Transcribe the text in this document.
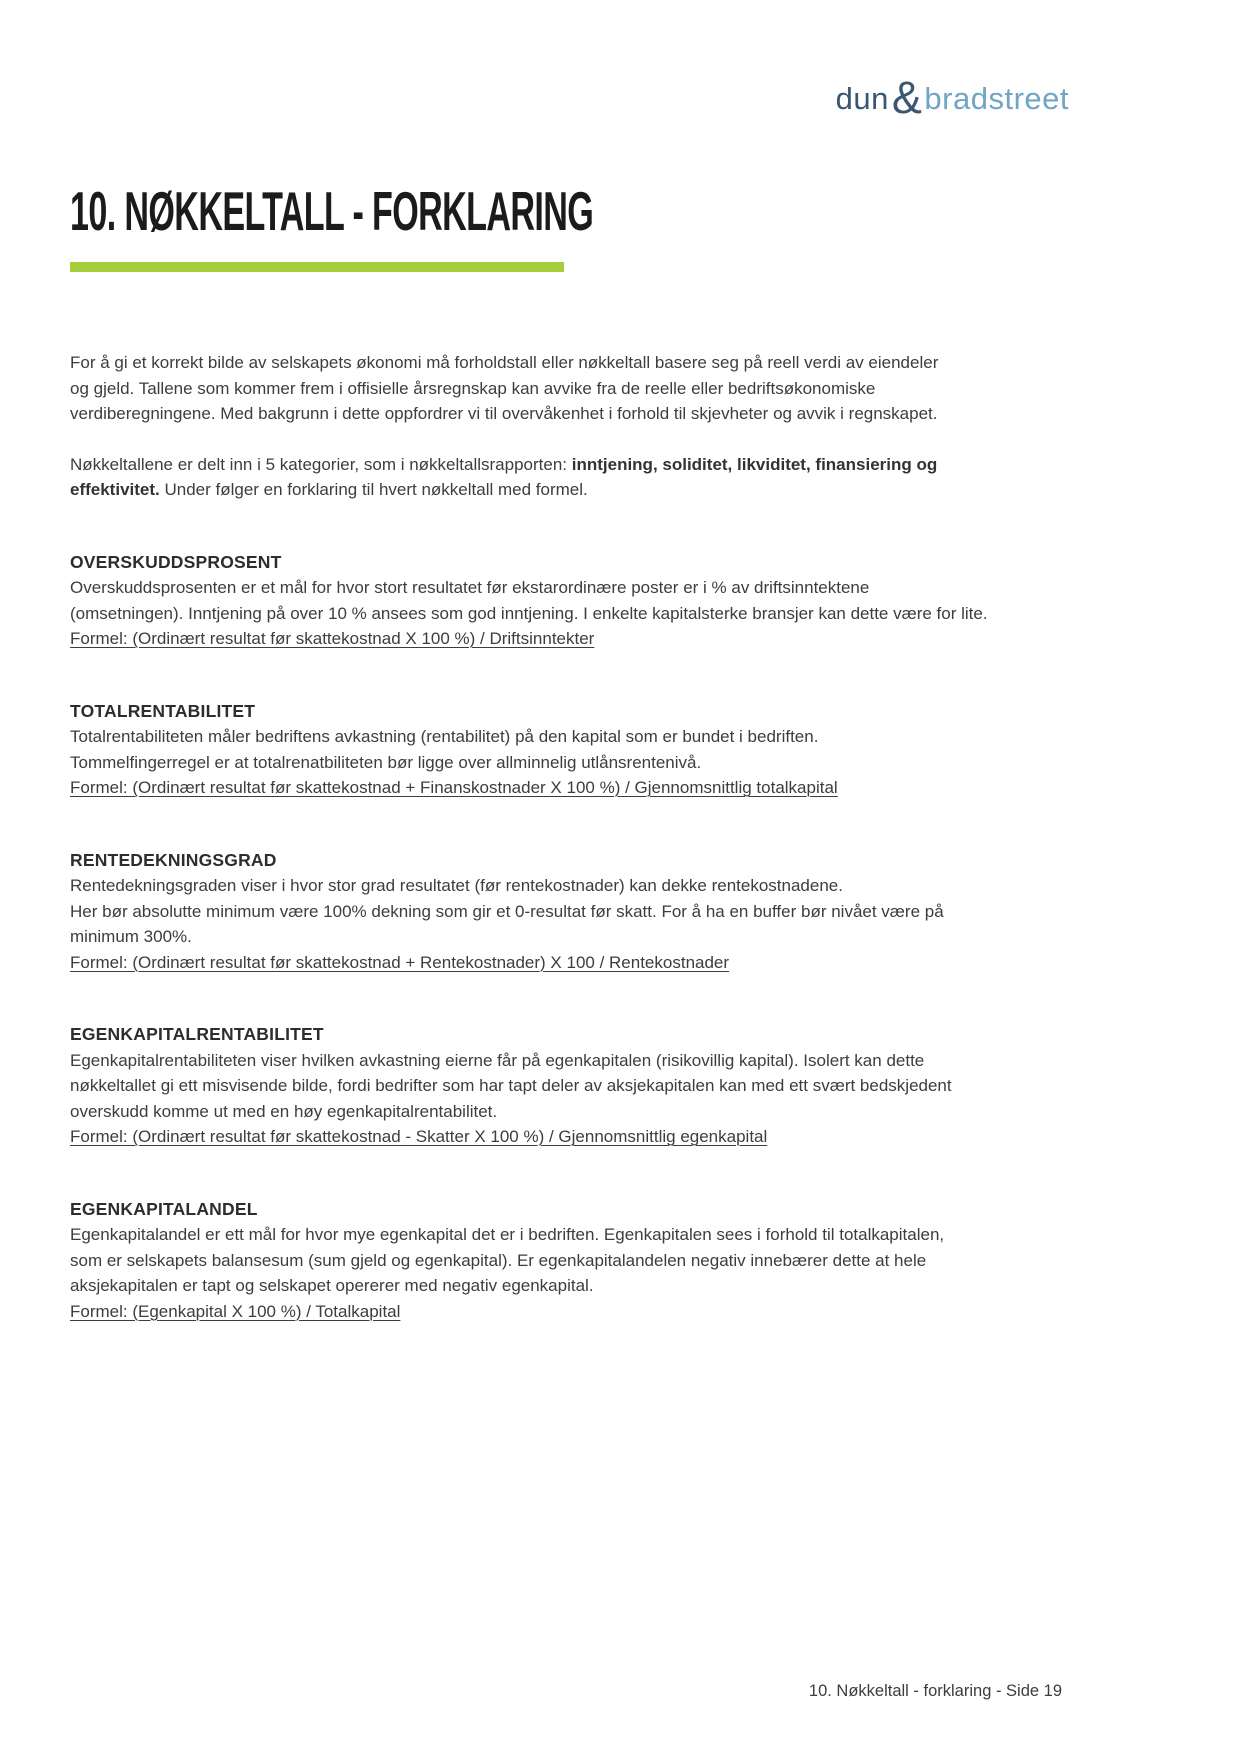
dun & bradstreet
10. NØKKELTALL - FORKLARING
For å gi et korrekt bilde av selskapets økonomi må forholdstall eller nøkkeltall basere seg på reell verdi av eiendeler
og gjeld. Tallene som kommer frem i offisielle årsregnskap kan avvike fra de reelle eller bedriftsøkonomiske
verdiberegningene. Med bakgrunn i dette oppfordrer vi til overvåkenhet i forhold til skjevheter og avvik i regnskapet.
Nøkkeltallene er delt inn i 5 kategorier, som i nøkkeltallsrapporten: inntjening, soliditet, likviditet, finansiering og
effektivitet. Under følger en forklaring til hvert nøkkeltall med formel.
OVERSKUDDSPROSENT
Overskuddsprosenten er et mål for hvor stort resultatet før ekstarordinære poster er i % av driftsinntektene
(omsetningen). Inntjening på over 10 % ansees som god inntjening. I enkelte kapitalsterke bransjer kan dette være for lite.
Formel: (Ordinært resultat før skattekostnad X 100 %) / Driftsinntekter
TOTALRENTABILITET
Totalrentabiliteten måler bedriftens avkastning (rentabilitet) på den kapital som er bundet i bedriften.
Tommelfingerregel er at totalrenatbiliteten bør ligge over allminnelig utlånsrentenivå.
Formel: (Ordinært resultat før skattekostnad + Finanskostnader X 100 %) / Gjennomsnittlig totalkapital
RENTEDEKNINGSGRAD
Rentedekningsgraden viser i hvor stor grad resultatet (før rentekostnader) kan dekke rentekostnadene.
Her bør absolutte minimum være 100% dekning som gir et 0-resultat før skatt. For å ha en buffer bør nivået være på
minimum 300%.
Formel: (Ordinært resultat før skattekostnad + Rentekostnader) X 100 / Rentekostnader
EGENKAPITALRENTABILITET
Egenkapitalrentabiliteten viser hvilken avkastning eierne får på egenkapitalen (risikovillig kapital). Isolert kan dette
nøkkeltallet gi ett misvisende bilde, fordi bedrifter som har tapt deler av aksjekapitalen kan med ett svært bedskjedent
overskudd komme ut med en høy egenkapitalrentabilitet.
Formel: (Ordinært resultat før skattekostnad - Skatter X 100 %) / Gjennomsnittlig egenkapital
EGENKAPITALANDEL
Egenkapitalandel er ett mål for hvor mye egenkapital det er i bedriften. Egenkapitalen sees i forhold til totalkapitalen,
som er selskapets balansesum (sum gjeld og egenkapital). Er egenkapitalandelen negativ innebærer dette at hele
aksjekapitalen er tapt og selskapet opererer med negativ egenkapital.
Formel: (Egenkapital X 100 %) / Totalkapital
10. Nøkkeltall - forklaring - Side 19
